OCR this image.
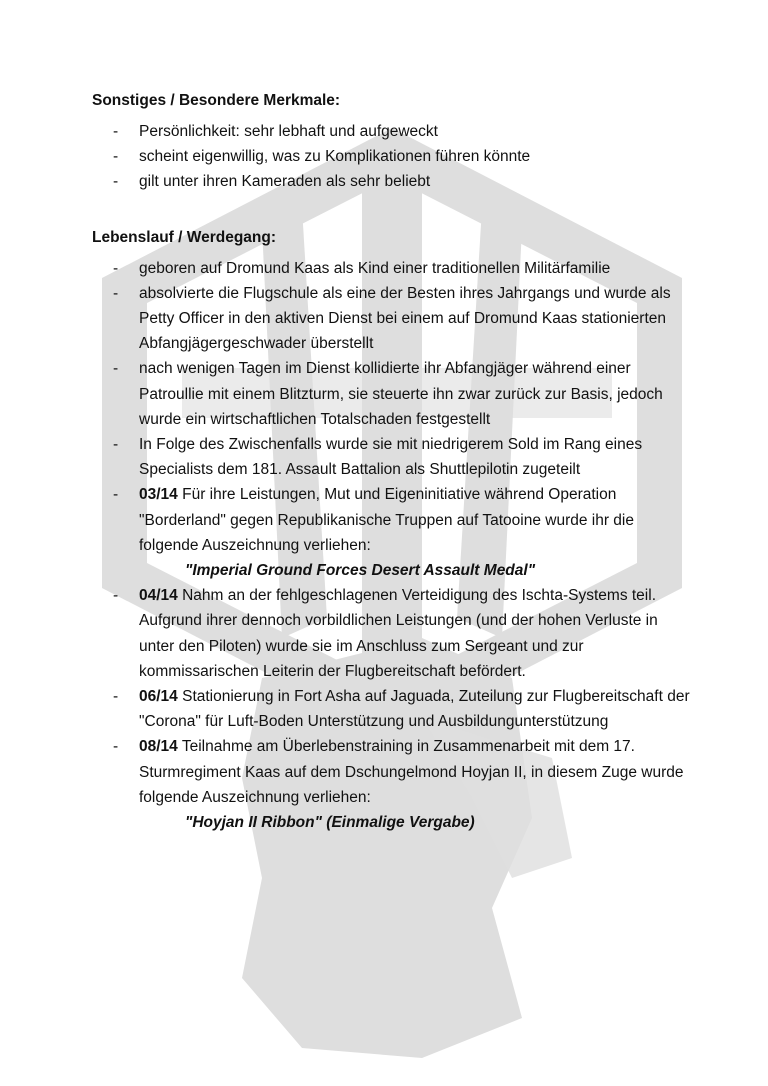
Sonstiges / Besondere Merkmale:

- Persönlichkeit: sehr lebhaft und aufgeweckt
- scheint eigenwillig, was zu Komplikationen führen könnte
- gilt unter ihren Kameraden als sehr beliebt

Lebenslauf / Werdegang:

- geboren auf Dromund Kaas als Kind einer traditionellen Militärfamilie
- absolvierte die Flugschule als eine der Besten ihres Jahrgangs und wurde als Petty Officer in den aktiven Dienst bei einem auf Dromund Kaas stationierten Abfangjägergeschwader überstellt
- nach wenigen Tagen im Dienst kollidierte ihr Abfangjäger während einer Patroullie mit einem Blitzturm, sie steuerte ihn zwar zurück zur Basis, jedoch wurde ein wirtschaftlichen Totalschaden festgestellt
- In Folge des Zwischenfalls wurde sie mit niedrigerem Sold im Rang eines Specialists dem 181. Assault Battalion als Shuttlepilotin zugeteilt
- 03/14 Für ihre Leistungen, Mut und Eigeninitiative während Operation "Borderland" gegen Republikanische Truppen auf Tatooine wurde ihr die folgende Auszeichnung verliehen:
"Imperial Ground Forces Desert Assault Medal"
- 04/14 Nahm an der fehlgeschlagenen Verteidigung des Ischta-Systems teil. Aufgrund ihrer dennoch vorbildlichen Leistungen (und der hohen Verluste in unter den Piloten) wurde sie im Anschluss zum Sergeant und zur kommissarischen Leiterin der Flugbereitschaft befördert.
- 06/14 Stationierung in Fort Asha auf Jaguada, Zuteilung zur Flugbereitschaft der "Corona" für Luft-Boden Unterstützung und Ausbildungunterstützung
- 08/14 Teilnahme am Überlebenstraining in Zusammenarbeit mit dem 17. Sturmregiment Kaas auf dem Dschungelmond Hoyjan II, in diesem Zuge wurde folgende Auszeichnung verliehen:
"Hoyjan II Ribbon" (Einmalige Vergabe)
